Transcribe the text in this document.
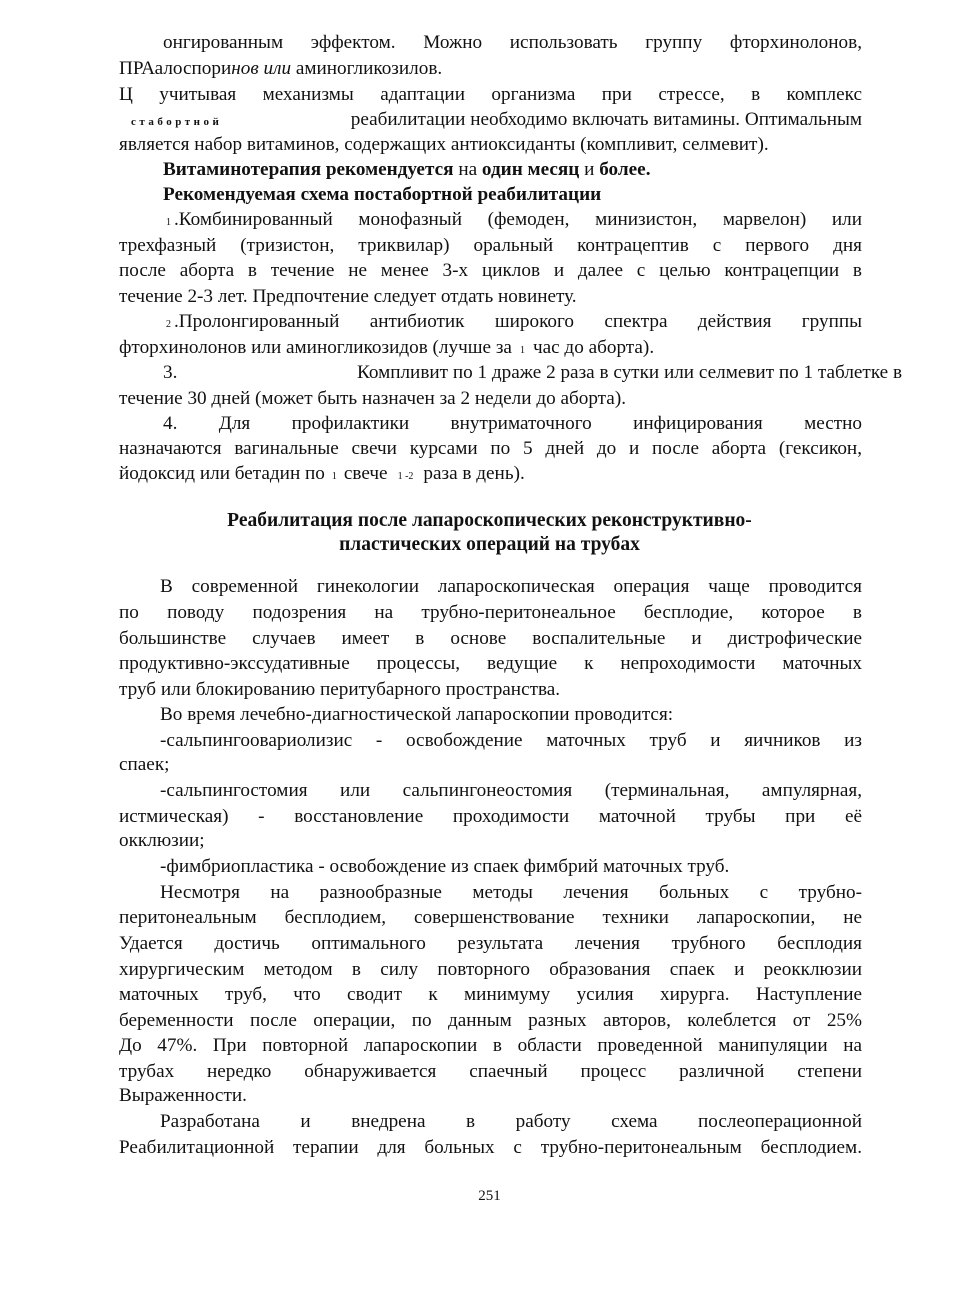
онгированным эффектом. Можно использовать группу фторхинолонов,
ПРАалоспоринов или аминогликозилов.
Ц учитывая механизмы адаптации организма при стрессе, в комплекс
стабортной	реабилитации необходимо включать витамины. Оптимальным
является набор витаминов, содержащих антиоксиданты (компливит, селмевит).
Витаминотерапия рекомендуется на один месяц и более.
Рекомендуемая схема постабортной реабилитации
1 .Комбинированный монофазный (фемоден, минизистон, марвелон) или
трехфазный (тризистон, триквилар) оральный контрацептив с первого дня
после аборта в течение не менее 3-х циклов и далее с целью контрацепции в
течение 2-3 лет. Предпочтение следует отдать новинету.
2 .Пролонгированный антибиотик широкого спектра действия группы
фторхинолонов или аминогликозидов (лучше за 1 час до аборта).
3.	Компливит по 1 драже 2 раза в сутки или селмевит по 1 таблетке в
течение 30 дней (может быть назначен за 2 недели до аборта).
4. Для профилактики внутриматочного инфицирования местно
назначаются вагинальные свечи курсами по 5 дней до и после аборта (гексикон,
йодоксид или бетадин по 1 свече 1 -2 раза в день).
Реабилитация после лапароскопических реконструктивно-
пластических операций на трубах
В современной гинекологии лапароскопическая операция чаще проводится
по поводу подозрения на трубно-перитонеальное бесплодие, которое в
большинстве случаев имеет в основе воспалительные и дистрофические
продуктивно-экссудативные процессы, ведущие к непроходимости маточных
труб или блокированию перитубарного пространства.
Во время лечебно-диагностической лапароскопии проводится:
-сальпингоовариолизис - освобождение маточных труб и яичников из
спаек;
-сальпингостомия или сальпингонеостомия (терминальная, ампулярная,
истмическая) - восстановление проходимости маточной трубы при её
окклюзии;
-фимбриопластика - освобождение из спаек фимбрий маточных труб.
Несмотря на разнообразные методы лечения больных с трубно-
перитонеальным бесплодием, совершенствование техники лапароскопии, не
Удается достичь оптимального результата лечения трубного бесплодия
хирургическим методом в силу повторного образования спаек и реокклюзии
маточных труб, что сводит к минимуму усилия хирурга. Наступление
беременности после операции, по данным разных авторов, колеблется от 25%
До 47%. При повторной лапароскопии в области проведенной манипуляции на
трубах нередко обнаруживается спаечный процесс различной степени
Выраженности.
Разработана и внедрена в работу схема послеоперационной
Реабилитационной терапии для больных с трубно-перитонеальным бесплодием.
251
